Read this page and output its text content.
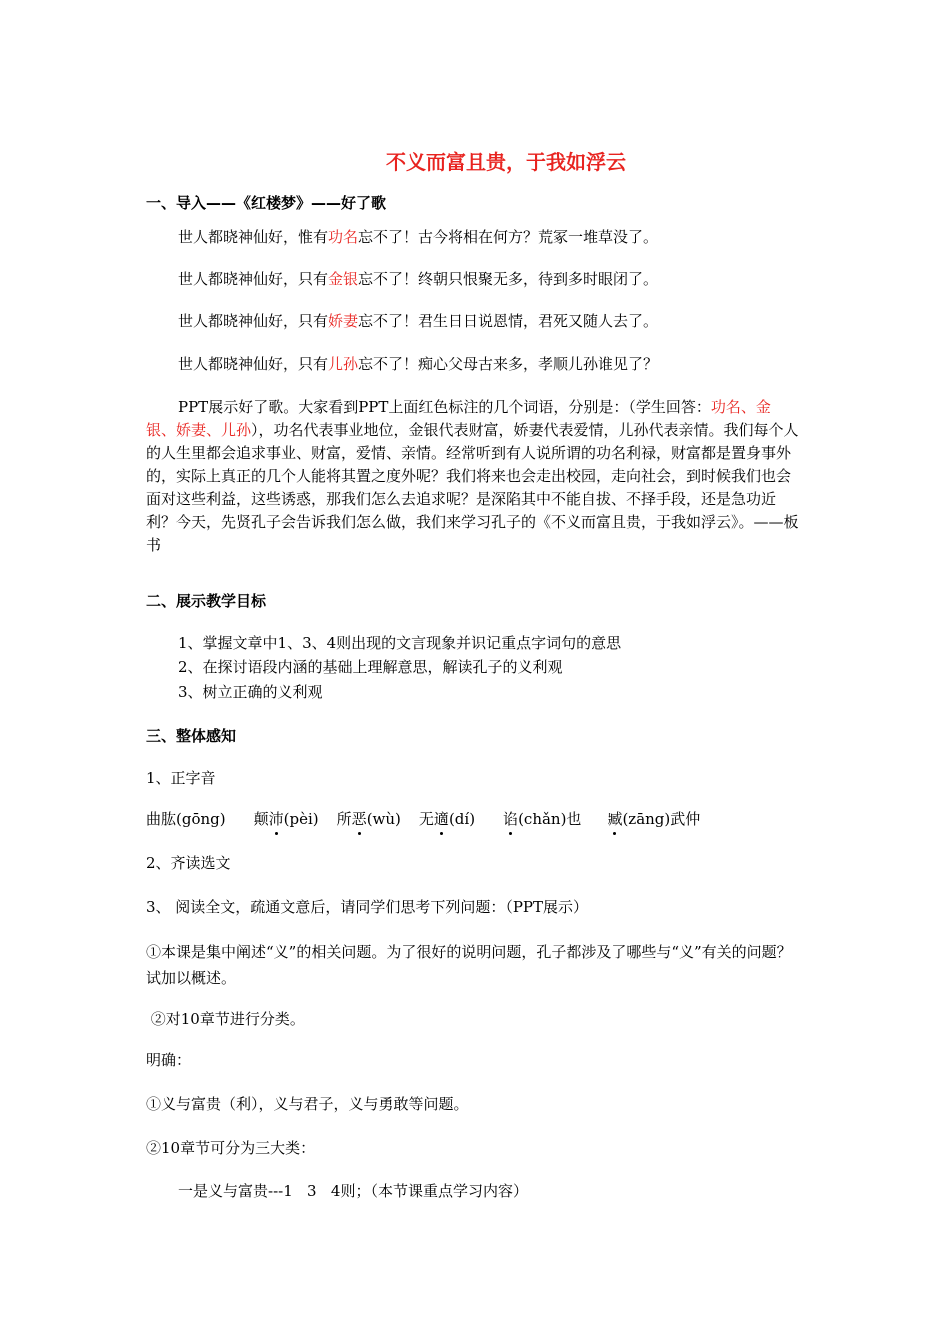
不义而富且贵，于我如浮云
一、导入——《红楼梦》——好了歌
世人都晓神仙好，惟有功名忘不了！古今将相在何方？荒冢一堆草没了。
世人都晓神仙好，只有金银忘不了！终朝只恨聚无多，待到多时眼闭了。
世人都晓神仙好，只有娇妻忘不了！君生日日说恩情，君死又随人去了。
世人都晓神仙好，只有儿孙忘不了！痴心父母古来多，孝顺儿孙谁见了？
PPT展示好了歌。大家看到PPT上面红色标注的几个词语，分别是：（学生回答：功名、金银、娇妻、儿孙），功名代表事业地位，金银代表财富，娇妻代表爱情，儿孙代表亲情。我们每个人的人生里都会追求事业、财富，爱情、亲情。经常听到有人说所谓的功名利禄，财富都是置身事外的，实际上真正的几个人能将其置之度外呢？我们将来也会走出校园，走向社会，到时候我们也会面对这些利益，这些诱惑，那我们怎么去追求呢？是深陷其中不能自拔、不择手段，还是急功近利？今天，先贤孔子会告诉我们怎么做，我们来学习孔子的《不义而富且贵，于我如浮云》。——板书
二、展示教学目标
1、掌握文章中1、3、4则出现的文言现象并识记重点字词句的意思
2、在探讨语段内涵的基础上理解意思，解读孔子的义利观
3、树立正确的义利观
三、整体感知
1、正字音
曲肱(gōng) 颠沛(pèi) 所恶(wù) 无適(dí) 谄(chǎn)也 臧(zāng)武仲
2、齐读选文
3、 阅读全文，疏通文意后，请同学们思考下列问题：（PPT展示）
①本课是集中阐述“义”的相关问题。为了很好的说明问题，孔子都涉及了哪些与“义”有关的问题？试加以概述。
②对10章节进行分类。
明确：
①义与富贵（利），义与君子，义与勇敢等问题。
②10章节可分为三大类：
一是义与富贵---1   3   4则；（本节课重点学习内容）
